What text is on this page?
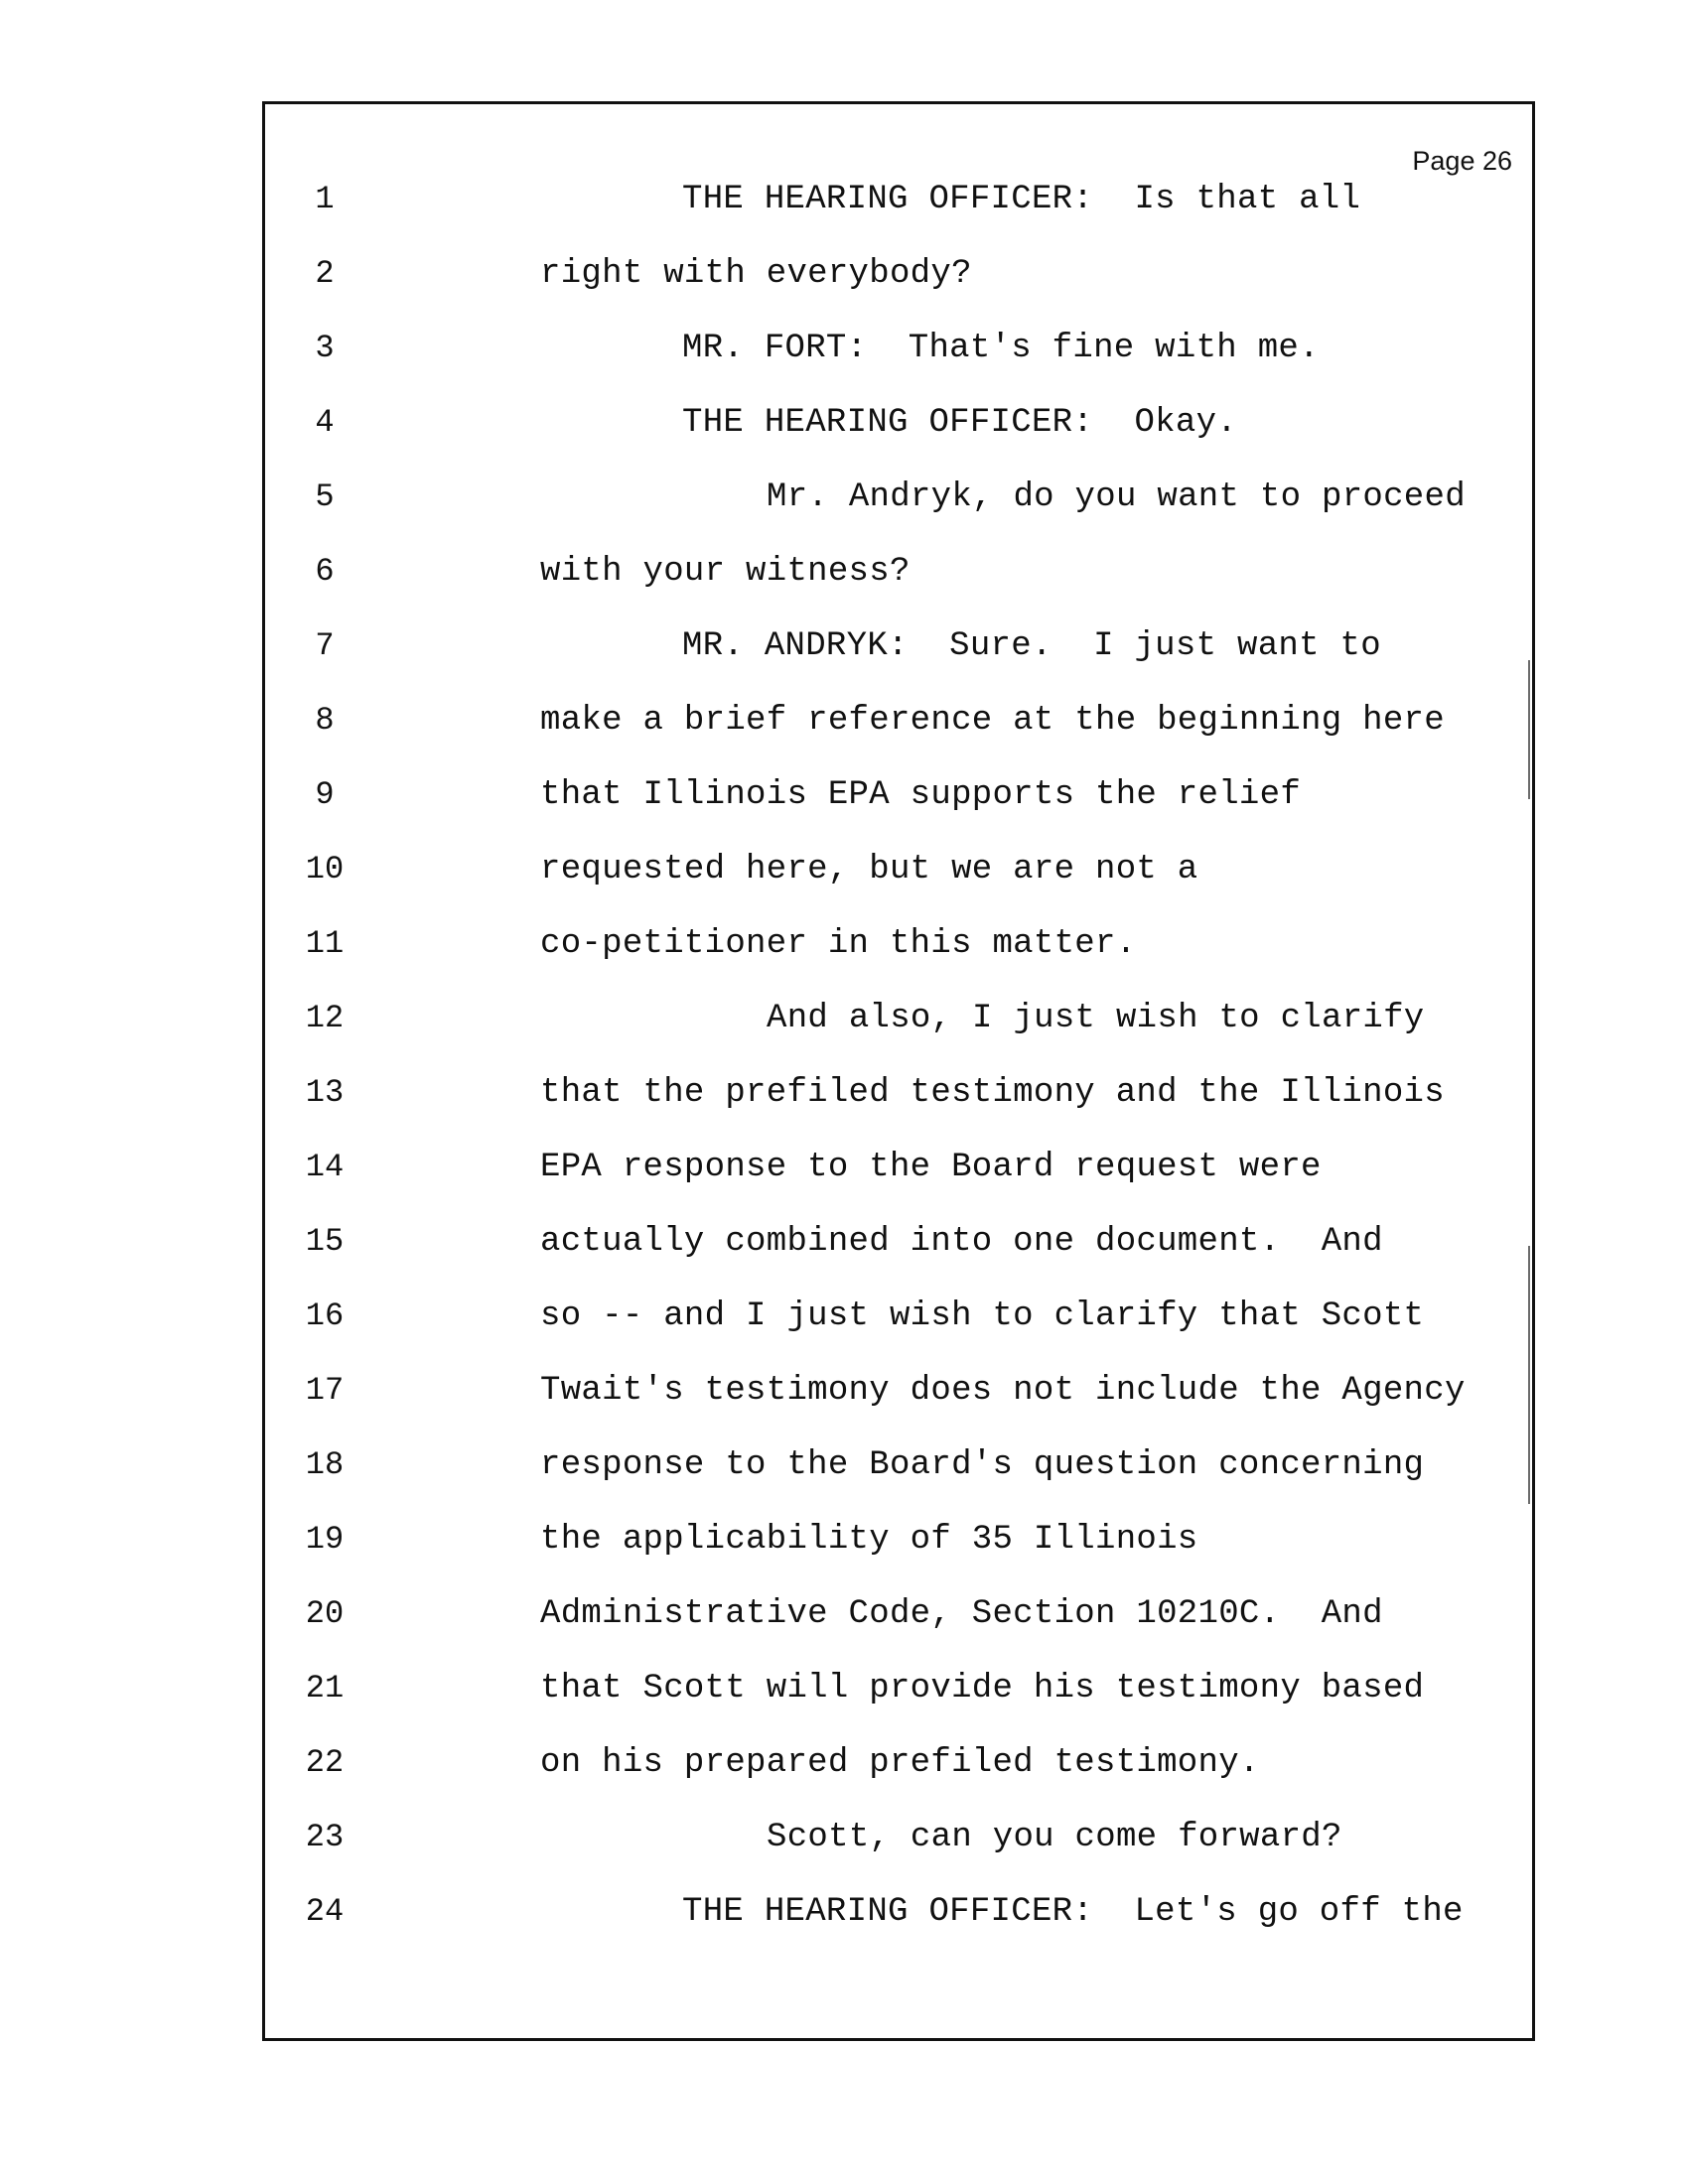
Page 26
1	THE HEARING OFFICER:  Is that all
2	right with everybody?
3	MR. FORT:  That's fine with me.
4	THE HEARING OFFICER:  Okay.
5	Mr. Andryk, do you want to proceed
6	with your witness?
7	MR. ANDRYK:  Sure.  I just want to
8	make a brief reference at the beginning here
9	that Illinois EPA supports the relief
10	requested here, but we are not a
11	co-petitioner in this matter.
12	And also, I just wish to clarify
13	that the prefiled testimony and the Illinois
14	EPA response to the Board request were
15	actually combined into one document.  And
16	so -- and I just wish to clarify that Scott
17	Twait's testimony does not include the Agency
18	response to the Board's question concerning
19	the applicability of 35 Illinois
20	Administrative Code, Section 10210C.  And
21	that Scott will provide his testimony based
22	on his prepared prefiled testimony.
23	Scott, can you come forward?
24	THE HEARING OFFICER:  Let's go off the
